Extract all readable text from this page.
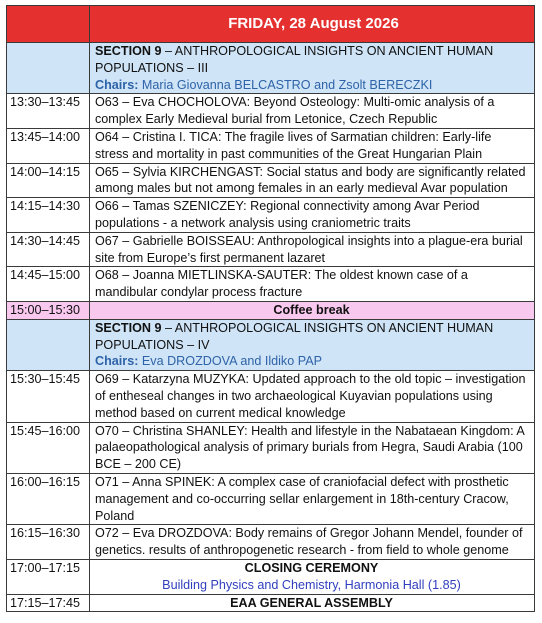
	FRIDAY, 28 August 2026
	SECTION 9 – ANTHROPOLOGICAL INSIGHTS ON ANCIENT HUMAN POPULATIONS – III
Chairs: Maria Giovanna BELCASTRO and Zsolt BERECZKI
13:30–13:45	O63 – Eva CHOCHOLOVA: Beyond Osteology: Multi-omic analysis of a complex Early Medieval burial from Letonice, Czech Republic
13:45–14:00	O64 – Cristina I. TICA: The fragile lives of Sarmatian children: Early-life stress and mortality in past communities of the Great Hungarian Plain
14:00–14:15	O65 – Sylvia KIRCHENGAST: Social status and body are significantly related among males but not among females in an early medieval Avar population
14:15–14:30	O66 – Tamas SZENICZEY: Regional connectivity among Avar Period populations - a network analysis using craniometric traits
14:30–14:45	O67 – Gabrielle BOISSEAU: Anthropological insights into a plague-era burial site from Europe’s first permanent lazaret
14:45–15:00	O68 – Joanna MIETLINSKA-SAUTER: The oldest known case of a mandibular condylar process fracture
15:00–15:30	Coffee break
	SECTION 9 – ANTHROPOLOGICAL INSIGHTS ON ANCIENT HUMAN POPULATIONS – IV
Chairs: Eva DROZDOVA and Ildiko PAP
15:30–15:45	O69 – Katarzyna MUZYKA: Updated approach to the old topic – investigation of entheseal changes in two archaeological Kuyavian populations using method based on current medical knowledge
15:45–16:00	O70 – Christina SHANLEY: Health and lifestyle in the Nabataean Kingdom: A palaeopathological analysis of primary burials from Hegra, Saudi Arabia (100 BCE – 200 CE)
16:00–16:15	O71 – Anna SPINEK: A complex case of craniofacial defect with prosthetic management and co-occurring sellar enlargement in 18th-century Cracow, Poland
16:15–16:30	O72 – Eva DROZDOVA: Body remains of Gregor Johann Mendel, founder of genetics. results of anthropogenetic research - from field to whole genome
17:00–17:15	CLOSING CEREMONY
Building Physics and Chemistry, Harmonia Hall (1.85)
17:15–17:45	EAA GENERAL ASSEMBLY
